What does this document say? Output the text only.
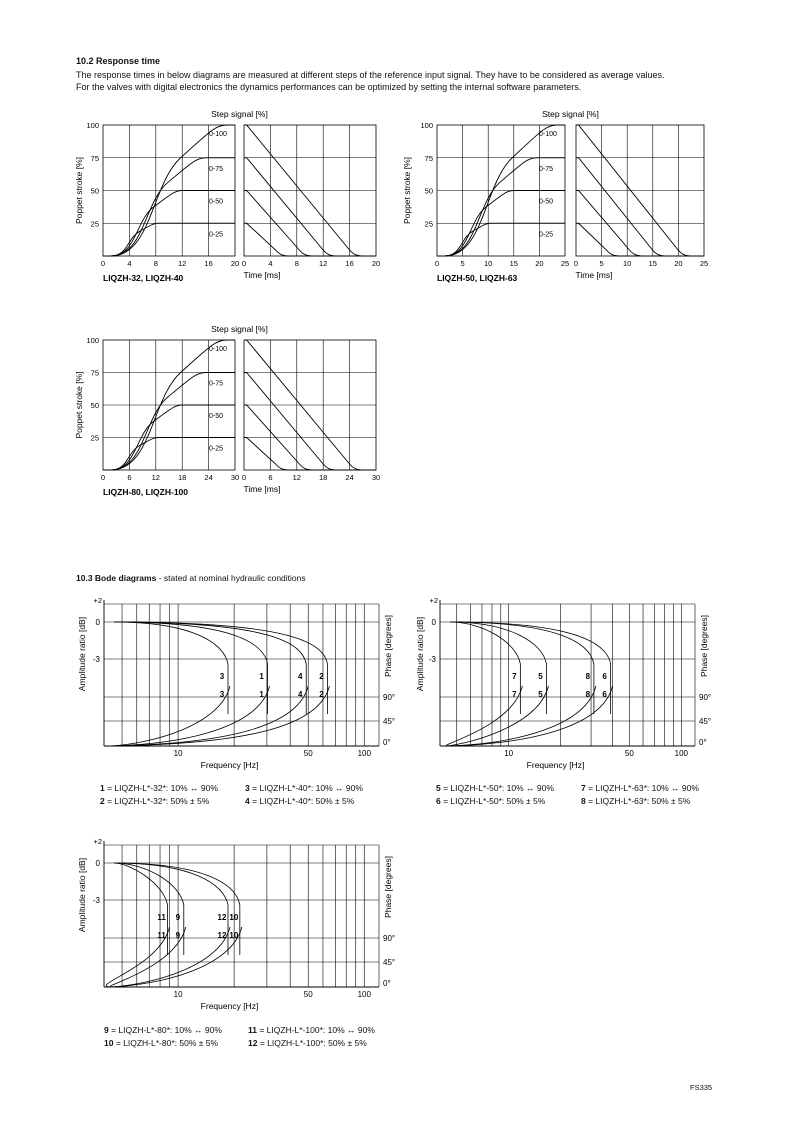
10.2 Response time
The response times in below diagrams are measured at different steps of the reference input signal. They have to be considered as average values.
For the valves with digital electronics the dynamics performances can be optimized by setting the internal software parameters.
Step signal [%]
Poppet stroke [%]
100
75
50
25
0	4	8	12 16 20 0	4	8	12 16 20
Time [ms]
LIQZH-32, LIQZH-40
0-100
0-75
0-50
0-25
Step signal [%]
Poppet stroke [%]
100
75
50
25
0	5	10 15 20 25 0	5	10 15 20 25
Time [ms]
LIQZH-50, LIQZH-63
0-100
0-75
0-50
0-25
Step signal [%]
Poppet stroke [%]
100
75
50
25
0	6	12 18 24 30 0	6	12 18 24 30
Time [ms]
LIQZH-80, LIQZH-100
0-100
0-75
0-50
0-25
10.3 Bode diagrams - stated at nominal hydraulic conditions
+2
0
-3
90°
45°
0°
10	50	100
Frequency [Hz]
Amplitude ratio [dB]	Phase [degrees]
3
3
1
1
4
4
2
2
+2
0
-3
90°
45°
0°
10	50	100
Frequency [Hz]
Amplitude ratio [dB]	Phase [degrees]
7
7
5
5
8
8
6
6
+2
0
-3
90°
45°
0°
10	50	100
Frequency [Hz]
Amplitude ratio [dB]	Phase [degrees]
11
11
9
9
12
12
10
10
1 = LIQZH-L*-32*: 10% ↔ 90%	3 = LIQZH-L*-40*: 10% ↔ 90%
2 = LIQZH-L*-32*: 50% ± 5%	4 = LIQZH-L*-40*: 50% ± 5%
5 = LIQZH-L*-50*: 10% ↔ 90%	7 = LIQZH-L*-63*: 10% ↔ 90%
6 = LIQZH-L*-50*: 50% ± 5%	8 = LIQZH-L*-63*: 50% ± 5%
9 = LIQZH-L*-80*: 10% ↔ 90%	11 = LIQZH-L*-100*: 10% ↔ 90%
10 = LIQZH-L*-80*: 50% ± 5%	12 = LIQZH-L*-100*: 50% ± 5%
FS335
